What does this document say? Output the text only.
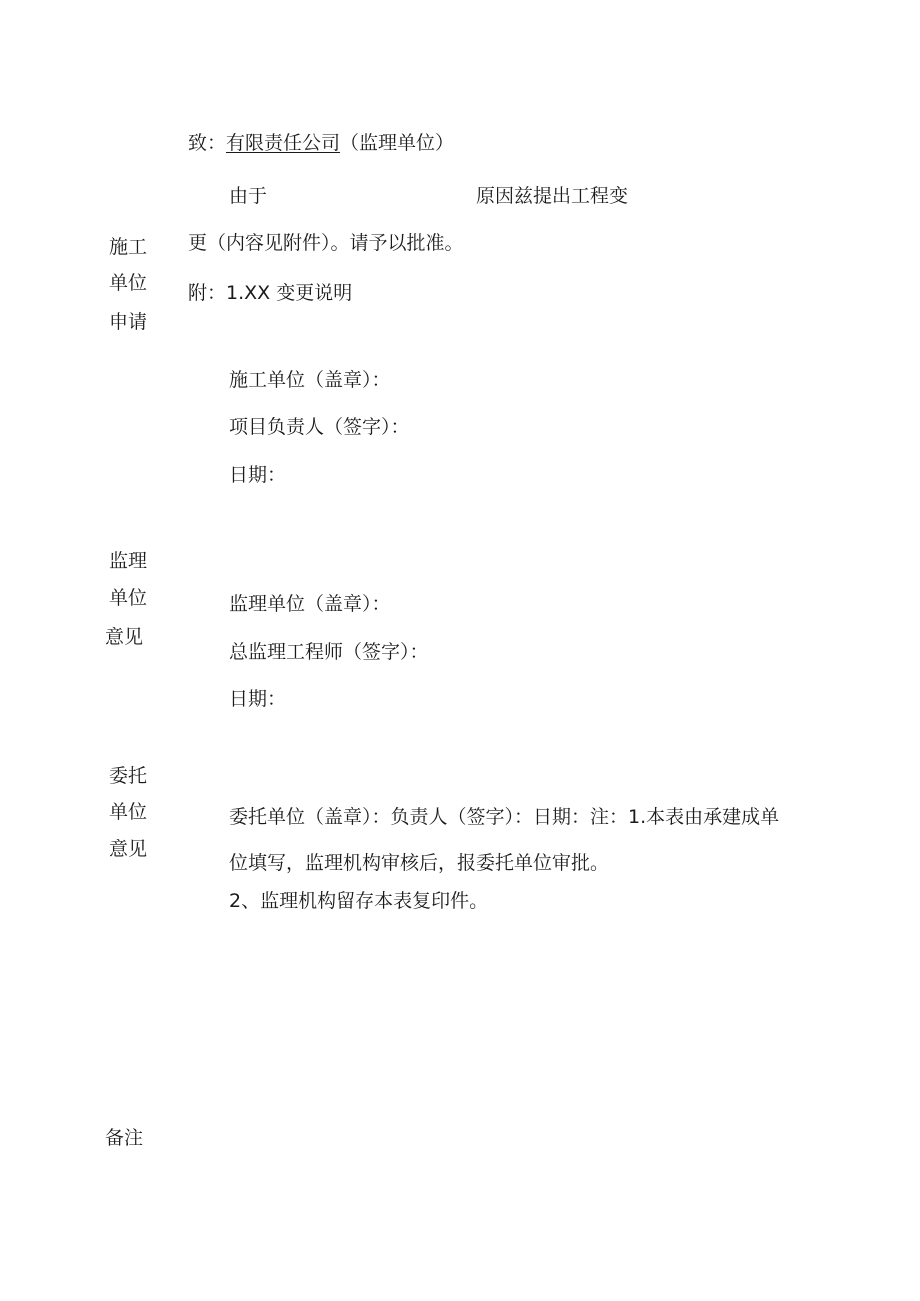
施工
单位
申请
监理
单位
意见
委托
单位
意见
备注
致：有限责任公司（监理单位）
由于	原因兹提出工程变
更（内容见附件）。请予以批准。
附：1.XX 变更说明
施工单位（盖章）：
项目负责人（签字）：
日期：
监理单位（盖章）：
总监理工程师（签字）：
日期：
委托单位（盖章）：负责人（签字）：日期：注：1.本表由承建成单
位填写，监理机构审核后，报委托单位审批。
2、监理机构留存本表复印件。
